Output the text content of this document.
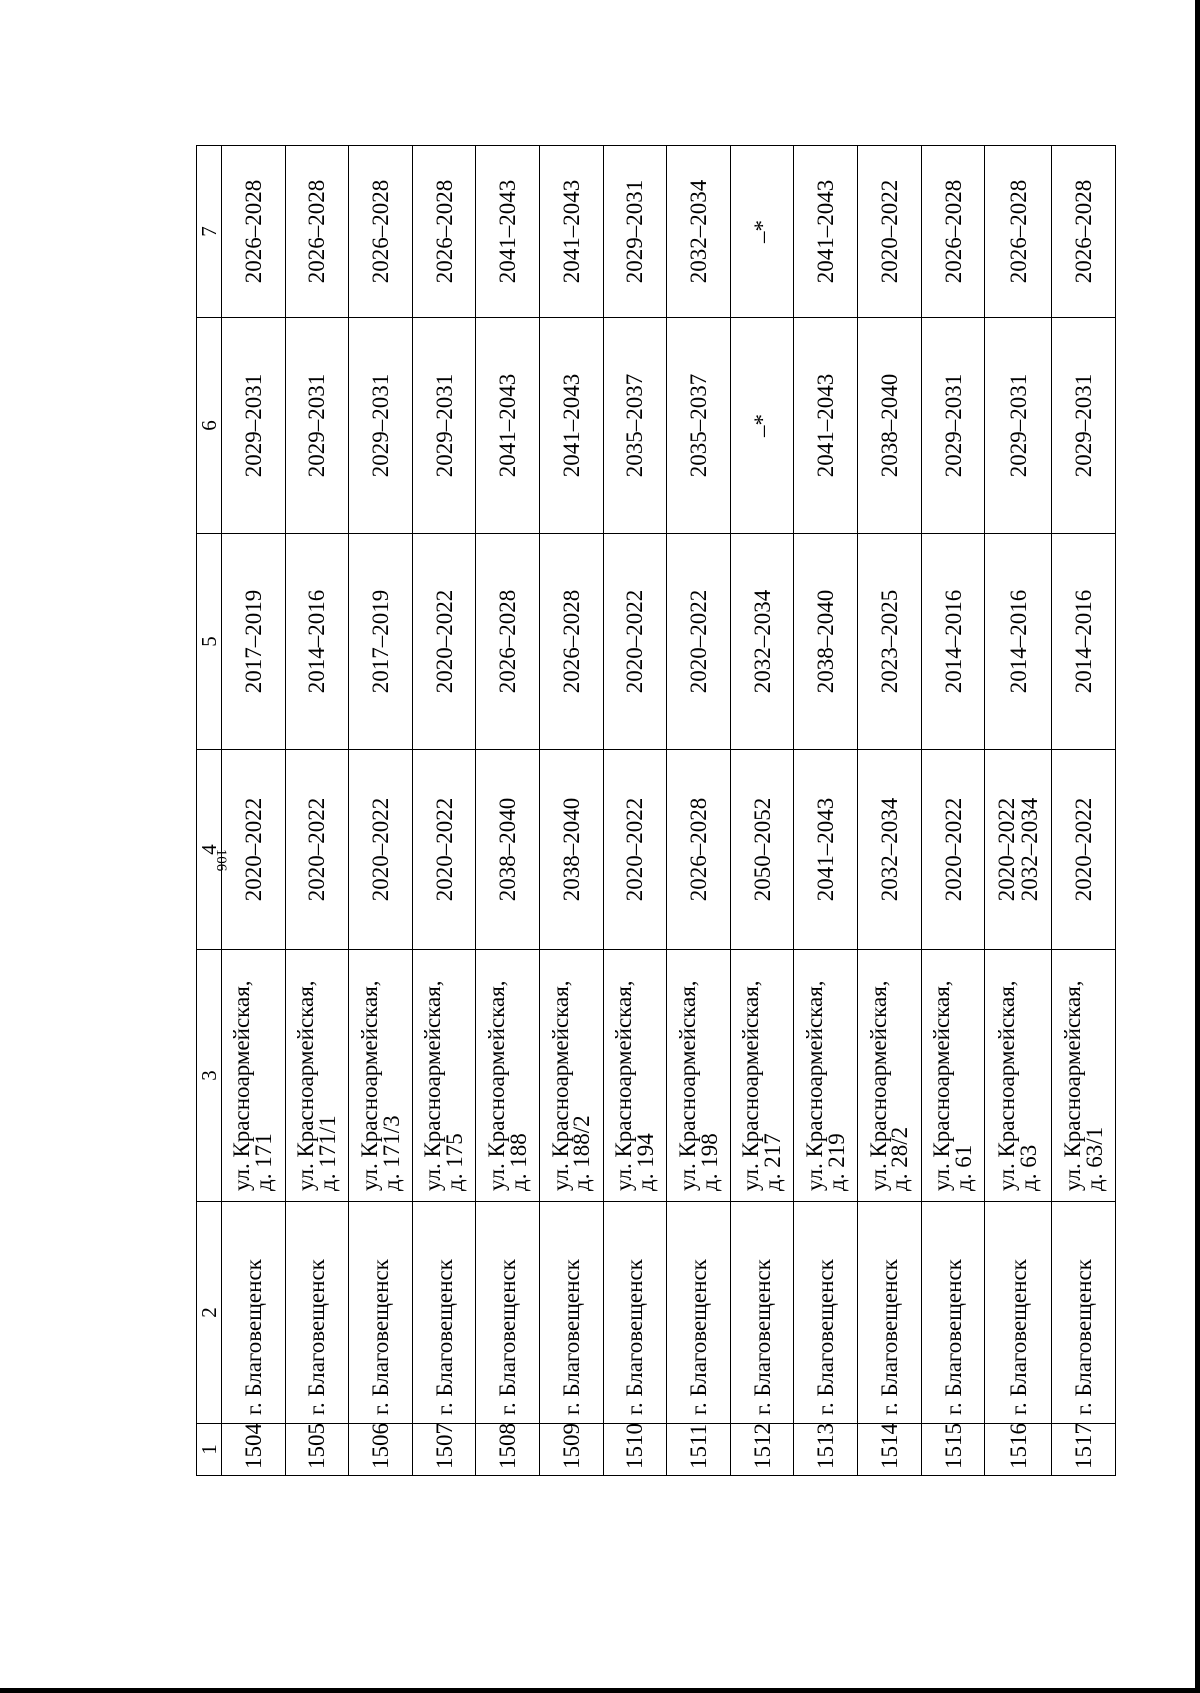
106
1	2	3	4	5	6	7

1504	г. Благовещенск	ул. Красноармейская,
д. 171	2020–2022	2017–2019	2029–2031	2026–2028

1505	г. Благовещенск	ул. Красноармейская,
д. 171/1	2020–2022	2014–2016	2029–2031	2026–2028

1506	г. Благовещенск	ул. Красноармейская,
д. 171/3	2020–2022	2017–2019	2029–2031	2026–2028

1507	г. Благовещенск	ул. Красноармейская,
д. 175	2020–2022	2020–2022	2029–2031	2026–2028

1508	г. Благовещенск	ул. Красноармейская,
д. 188	2038–2040	2026–2028	2041–2043	2041–2043

1509	г. Благовещенск	ул. Красноармейская,
д. 188/2	2038–2040	2026–2028	2041–2043	2041–2043

1510	г. Благовещенск	ул. Красноармейская,
д. 194	2020–2022	2020–2022	2035–2037	2029–2031

1511	г. Благовещенск	ул. Красноармейская,
д. 198	2026–2028	2020–2022	2035–2037	2032–2034

1512	г. Благовещенск	ул. Красноармейская,
д. 217	2050–2052	2032–2034	–*	–*

1513	г. Благовещенск	ул. Красноармейская,
д. 219	2041–2043	2038–2040	2041–2043	2041–2043

1514	г. Благовещенск	ул. Красноармейская,
д. 28/2	2032–2034	2023–2025	2038–2040	2020–2022

1515	г. Благовещенск	ул. Красноармейская,
д. 61	2020–2022	2014–2016	2029–2031	2026–2028

1516	г. Благовещенск	ул. Красноармейская,
д. 63	2020–2022
2032–2034	2014–2016	2029–2031	2026–2028

1517	г. Благовещенск	ул. Красноармейская,
д. 63/1	2020–2022	2014–2016	2029–2031	2026–2028
